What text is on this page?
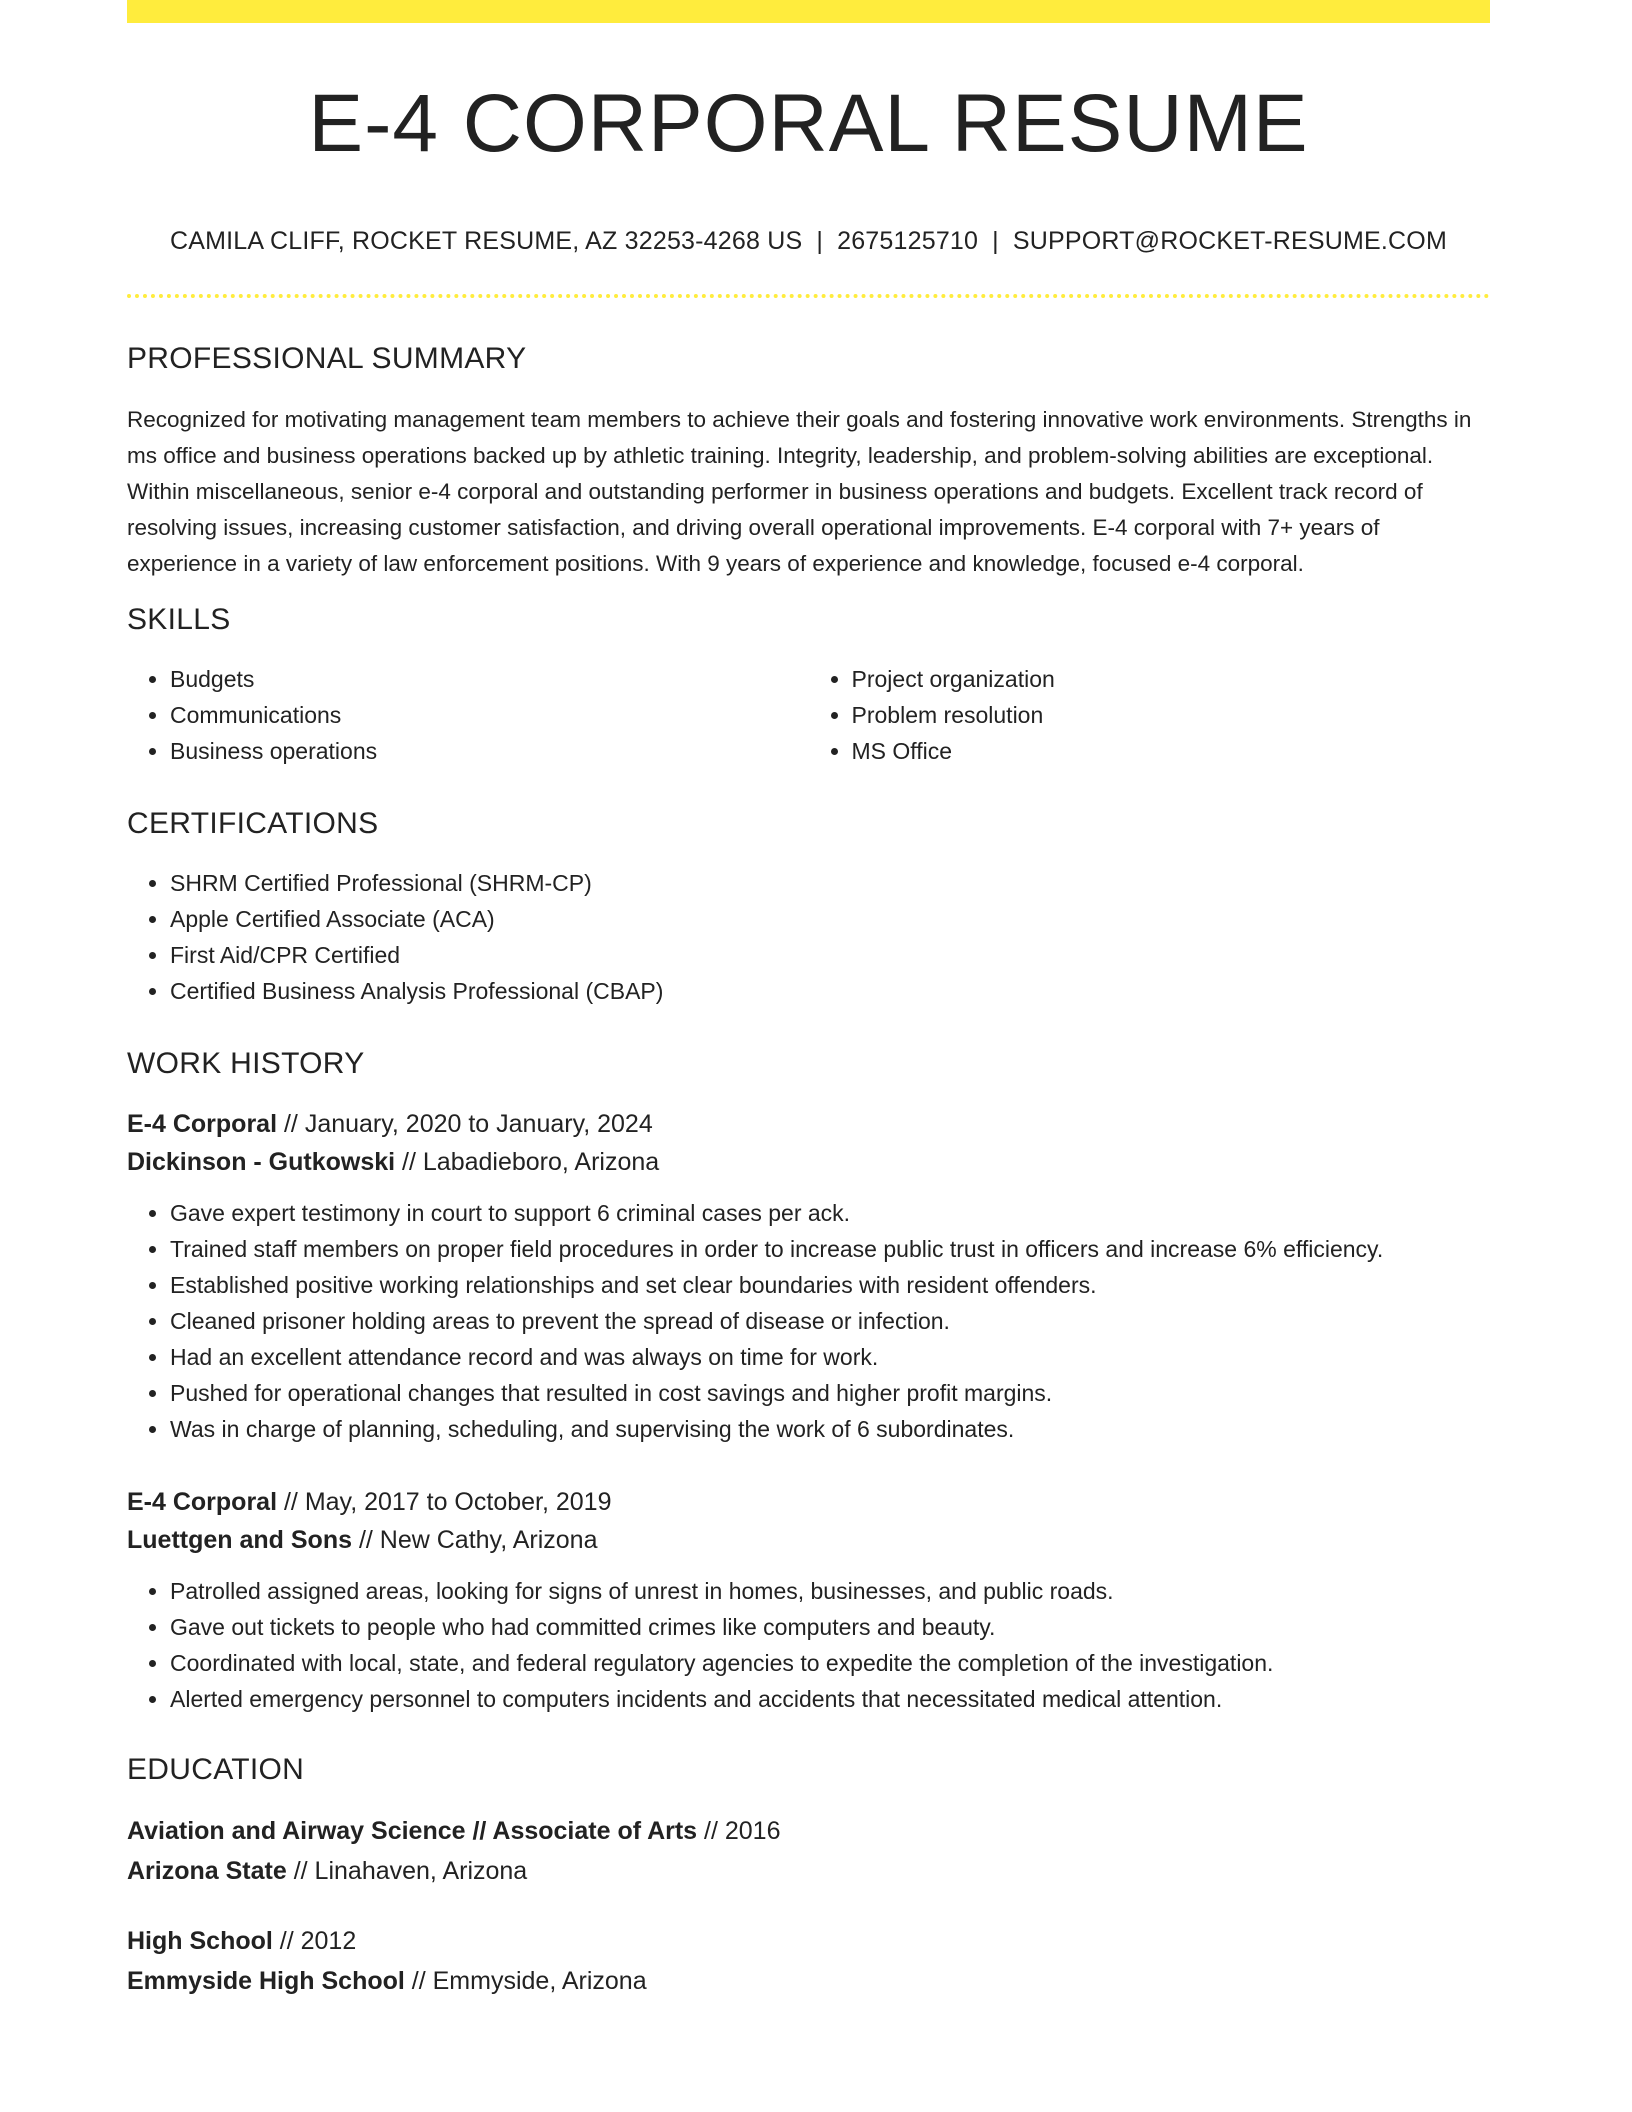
E-4 CORPORAL RESUME
CAMILA CLIFF, ROCKET RESUME, AZ 32253-4268 US | 2675125710 | SUPPORT@ROCKET-RESUME.COM
PROFESSIONAL SUMMARY

Recognized for motivating management team members to achieve their goals and fostering innovative work environments. Strengths in ms office and business operations backed up by athletic training. Integrity, leadership, and problem-solving abilities are exceptional. Within miscellaneous, senior e-4 corporal and outstanding performer in business operations and budgets. Excellent track record of resolving issues, increasing customer satisfaction, and driving overall operational improvements. E-4 corporal with 7+ years of experience in a variety of law enforcement positions. With 9 years of experience and knowledge, focused e-4 corporal.

SKILLS
• Budgets
• Communications
• Business operations
• Project organization
• Problem resolution
• MS Office
CERTIFICATIONS
• SHRM Certified Professional (SHRM-CP)
• Apple Certified Associate (ACA)
• First Aid/CPR Certified
• Certified Business Analysis Professional (CBAP)
WORK HISTORY
E-4 Corporal // January, 2020 to January, 2024
Dickinson - Gutkowski // Labadieboro, Arizona
• Gave expert testimony in court to support 6 criminal cases per ack.
• Trained staff members on proper field procedures in order to increase public trust in officers and increase 6% efficiency.
• Established positive working relationships and set clear boundaries with resident offenders.
• Cleaned prisoner holding areas to prevent the spread of disease or infection.
• Had an excellent attendance record and was always on time for work.
• Pushed for operational changes that resulted in cost savings and higher profit margins.
• Was in charge of planning, scheduling, and supervising the work of 6 subordinates.
E-4 Corporal // May, 2017 to October, 2019
Luettgen and Sons // New Cathy, Arizona
• Patrolled assigned areas, looking for signs of unrest in homes, businesses, and public roads.
• Gave out tickets to people who had committed crimes like computers and beauty.
• Coordinated with local, state, and federal regulatory agencies to expedite the completion of the investigation.
• Alerted emergency personnel to computers incidents and accidents that necessitated medical attention.
EDUCATION
Aviation and Airway Science // Associate of Arts // 2016
Arizona State // Linahaven, Arizona
High School // 2012
Emmyside High School // Emmyside, Arizona
